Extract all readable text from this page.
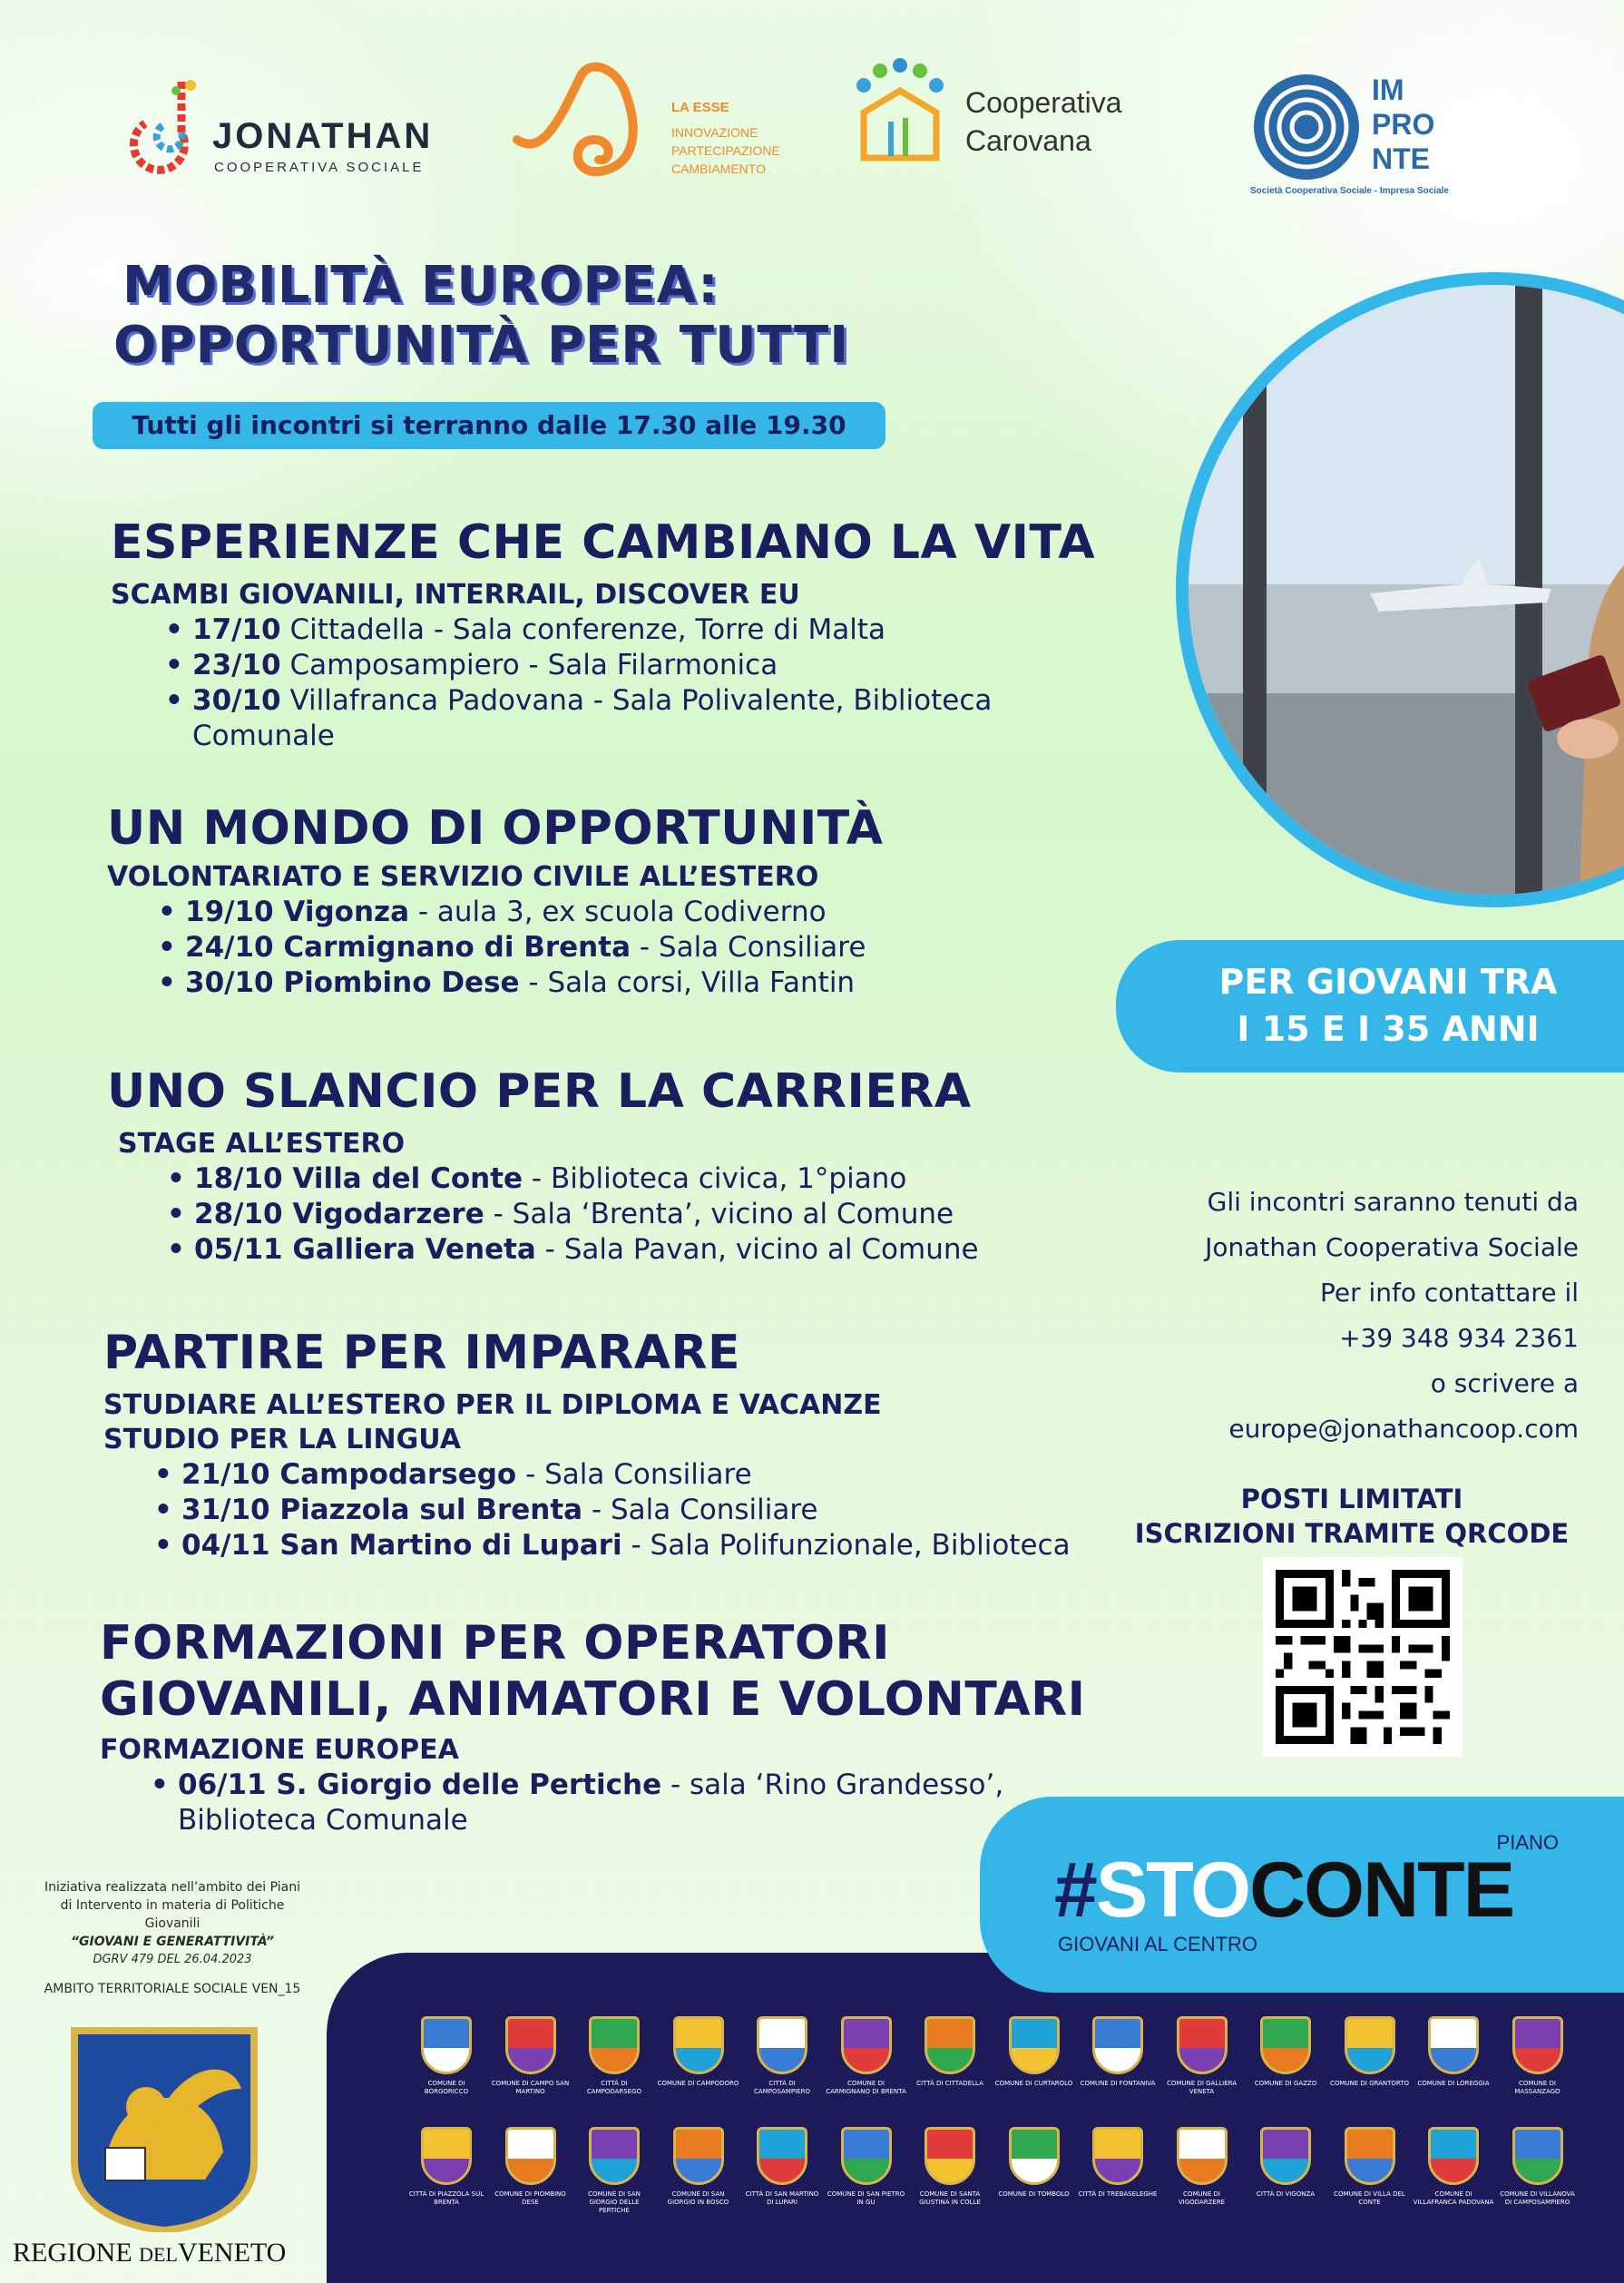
JONATHAN
COOPERATIVA SOCIALE
LA ESSE
INNOVAZIONE
PARTECIPAZIONE
CAMBIAMENTO
Cooperativa
Carovana
IM
PRO
NTE
Società Cooperativa Sociale - Impresa Sociale
MOBILITÀ EUROPEA:
OPPORTUNITÀ PER TUTTI
Tutti gli incontri si terranno dalle 17.30 alle 19.30
ESPERIENZE CHE CAMBIANO LA VITA
SCAMBI GIOVANILI, INTERRAIL, DISCOVER EU
• 17/10 Cittadella - Sala conferenze, Torre di Malta
• 23/10 Camposampiero - Sala Filarmonica
• 30/10 Villafranca Padovana - Sala Polivalente, Biblioteca Comunale
UN MONDO DI OPPORTUNITÀ
VOLONTARIATO E SERVIZIO CIVILE ALL’ESTERO
• 19/10 Vigonza - aula 3, ex scuola Codiverno
• 24/10 Carmignano di Brenta - Sala Consiliare
• 30/10 Piombino Dese - Sala corsi, Villa Fantin
UNO SLANCIO PER LA CARRIERA
STAGE ALL’ESTERO
• 18/10 Villa del Conte - Biblioteca civica, 1°piano
• 28/10 Vigodarzere - Sala ‘Brenta’, vicino al Comune
• 05/11 Galliera Veneta - Sala Pavan, vicino al Comune
PARTIRE PER IMPARARE
STUDIARE ALL’ESTERO PER IL DIPLOMA E VACANZE
STUDIO PER LA LINGUA
• 21/10 Campodarsego - Sala Consiliare
• 31/10 Piazzola sul Brenta - Sala Consiliare
• 04/11 San Martino di Lupari - Sala Polifunzionale, Biblioteca
FORMAZIONI PER OPERATORI
GIOVANILI, ANIMATORI E VOLONTARI
FORMAZIONE EUROPEA
• 06/11 S. Giorgio delle Pertiche - sala ‘Rino Grandesso’, Biblioteca Comunale
PER GIOVANI TRA
I 15 E I 35 ANNI
Gli incontri saranno tenuti da
Jonathan Cooperativa Sociale
Per info contattare il
+39 348 934 2361
o scrivere a
europe@jonathancoop.com
POSTI LIMITATI
ISCRIZIONI TRAMITE QRCODE
PIANO
#STOCONTE
GIOVANI AL CENTRO
COMUNE DI BORGORICCO
COMUNE DI CAMPO SAN MARTINO
CITTÀ DI CAMPODARSEGO
COMUNE DI CAMPODORO	CITTÀ DI CAMPOSAMPIERO
COMUNE DI CARMIGNANO DI BRENTA
CITTÀ DI CITTADELLA	COMUNE DI CURTAROLO	COMUNE DI FONTANIVA	COMUNE DI GALLIERA VENETA
COMUNE DI GAZZO	COMUNE DI GRANTORTO	COMUNE DI LOREGGIA	COMUNE DI MASSANZAGO
CITTÀ DI PIAZZOLA SUL BRENTA
COMUNE DI PIOMBINO DESE
COMUNE DI SAN GIORGIO DELLE PERTICHE
COMUNE DI SAN GIORGIO IN BOSCO
CITTÀ DI SAN MARTINO DI LUPARI
COMUNE DI SAN PIETRO IN GU
COMUNE DI SANTA GIUSTINA IN COLLE
COMUNE DI TOMBOLO	CITTÀ DI TREBASELEGHE	COMUNE DI VIGODARZERE
CITTÀ DI VIGONZA	COMUNE DI VILLA DEL CONTE
COMUNE DI VILLAFRANCA PADOVANA
COMUNE DI VILLANOVA DI CAMPOSAMPIERO
Iniziativa realizzata nell’ambito dei Piani
di Intervento in materia di Politiche
Giovanili
“GIOVANI E GENERATTIVITÀ”
DGRV 479 DEL 26.04.2023
AMBITO TERRITORIALE SOCIALE VEN_15
REGIONE DELVENETO
